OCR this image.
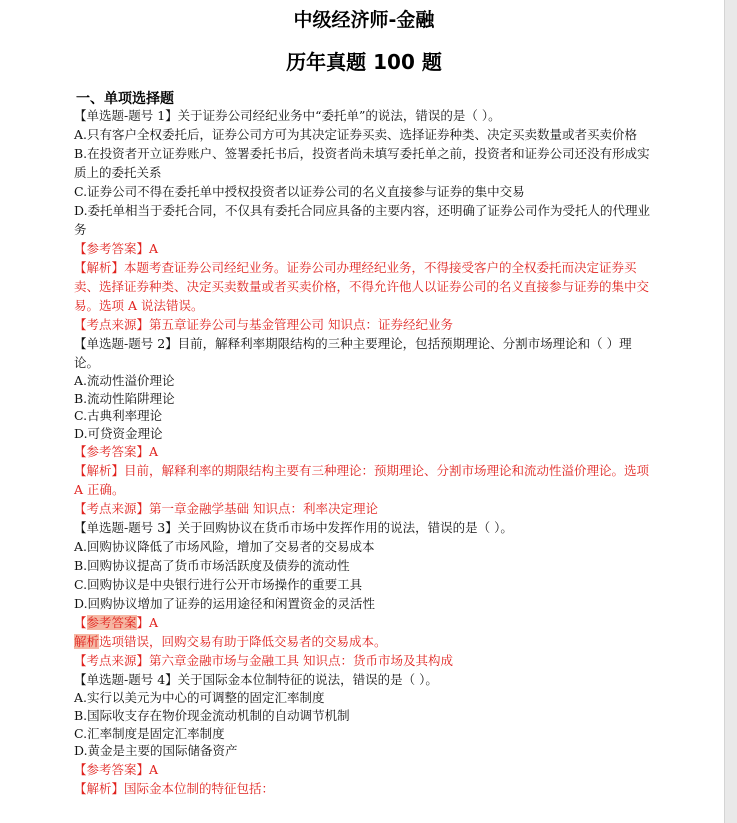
中级经济师-金融
历年真题 100 题
一、单项选择题

【单选题-题号 1】关于证券公司经纪业务中“委托单”的说法，错误的是（ ）。

A.只有客户全权委托后，证券公司方可为其决定证券买卖、选择证券种类、决定买卖数量或者买卖价格

B.在投资者开立证券账户、签署委托书后，投资者尚未填写委托单之前，投资者和证券公司还没有形成实质上的委托关系

C.证券公司不得在委托单中授权投资者以证券公司的名义直接参与证券的集中交易

D.委托单相当于委托合同，不仅具有委托合同应具备的主要内容，还明确了证券公司作为受托人的代理业务

【参考答案】A

【解析】本题考查证券公司经纪业务。证券公司办理经纪业务，不得接受客户的全权委托而决定证券买卖、选择证券种类、决定买卖数量或者买卖价格，不得允许他人以证券公司的名义直接参与证券的集中交易。选项 A 说法错误。

【考点来源】第五章证券公司与基金管理公司 知识点：证券经纪业务

【单选题-题号 2】目前，解释利率期限结构的三种主要理论，包括预期理论、分割市场理论和（ ）理论。

A.流动性溢价理论

B.流动性陷阱理论

C.古典利率理论

D.可贷资金理论

【参考答案】A

【解析】目前，解释利率的期限结构主要有三种理论：预期理论、分割市场理论和流动性溢价理论。选项 A 正确。

【考点来源】第一章金融学基础 知识点：利率决定理论

【单选题-题号 3】关于回购协议在货币市场中发挥作用的说法，错误的是（ ）。

A.回购协议降低了市场风险，增加了交易者的交易成本

B.回购协议提高了货币市场活跃度及债券的流动性

C.回购协议是中央银行进行公开市场操作的重要工具

D.回购协议增加了证券的运用途径和闲置资金的灵活性

【参考答案】A

解析选项错误，回购交易有助于降低交易者的交易成本。

【考点来源】第六章金融市场与金融工具 知识点：货币市场及其构成

【单选题-题号 4】关于国际金本位制特征的说法，错误的是（ ）。

A.实行以美元为中心的可调整的固定汇率制度

B.国际收支存在物价现金流动机制的自动调节机制

C.汇率制度是固定汇率制度

D.黄金是主要的国际储备资产

【参考答案】A

【解析】国际金本位制的特征包括：
